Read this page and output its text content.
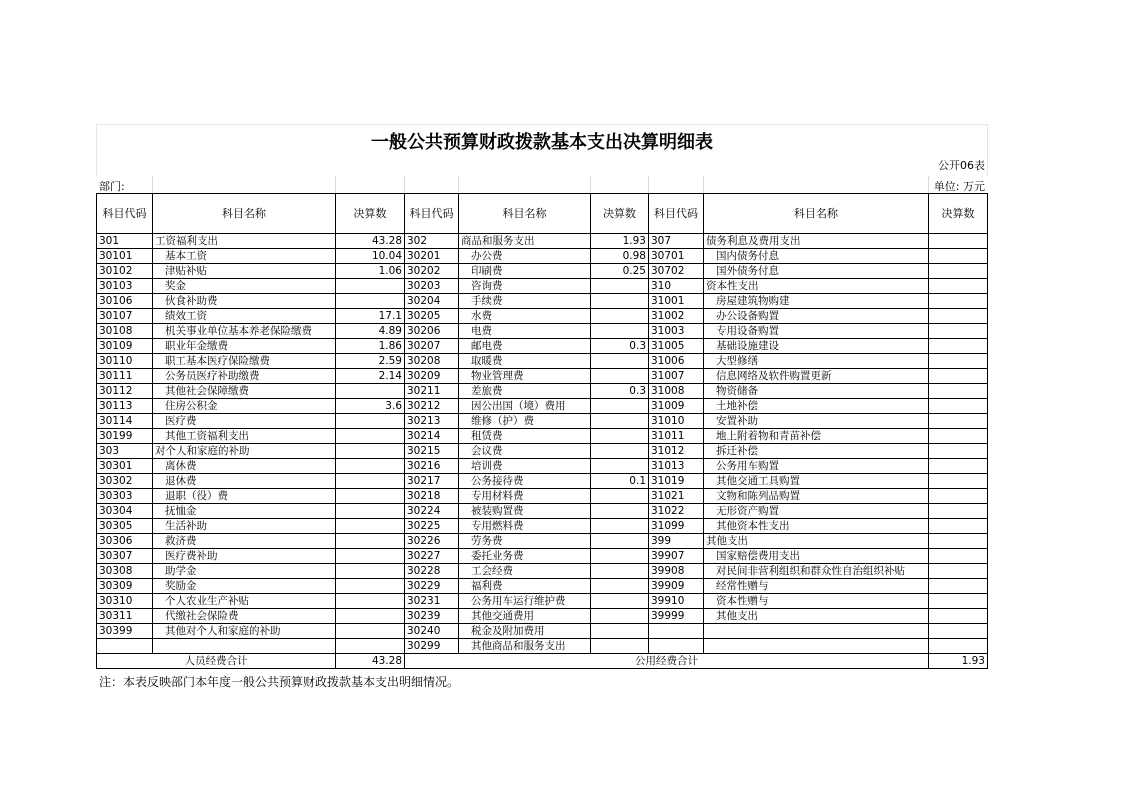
一般公共预算财政拨款基本支出决算明细表
公开06表
部门:	单位: 万元
科目代码	科目名称	决算数	科目代码	科目名称	决算数	科目代码	科目名称	决算数
301	工资福利支出	43.28	302	商品和服务支出	1.93	307	债务利息及费用支出	
30101	基本工资	10.04	30201	办公费	0.98	30701	国内债务付息	
30102	津贴补贴	1.06	30202	印刷费	0.25	30702	国外债务付息	
30103	奖金		30203	咨询费		310	资本性支出	
30106	伙食补助费		30204	手续费		31001	房屋建筑物购建	
30107	绩效工资	17.1	30205	水费		31002	办公设备购置	
30108	机关事业单位基本养老保险缴费	4.89	30206	电费		31003	专用设备购置	
30109	职业年金缴费	1.86	30207	邮电费	0.3	31005	基础设施建设	
30110	职工基本医疗保险缴费	2.59	30208	取暖费		31006	大型修缮	
30111	公务员医疗补助缴费	2.14	30209	物业管理费		31007	信息网络及软件购置更新	
30112	其他社会保障缴费		30211	差旅费	0.3	31008	物资储备	
30113	住房公积金	3.6	30212	因公出国（境）费用		31009	土地补偿	
30114	医疗费		30213	维修（护）费		31010	安置补助	
30199	其他工资福利支出		30214	租赁费		31011	地上附着物和青苗补偿	
303	对个人和家庭的补助		30215	会议费		31012	拆迁补偿	
30301	离休费		30216	培训费		31013	公务用车购置	
30302	退休费		30217	公务接待费	0.1	31019	其他交通工具购置	
30303	退职（役）费		30218	专用材料费		31021	文物和陈列品购置	
30304	抚恤金		30224	被装购置费		31022	无形资产购置	
30305	生活补助		30225	专用燃料费		31099	其他资本性支出	
30306	救济费		30226	劳务费		399	其他支出	
30307	医疗费补助		30227	委托业务费		39907	国家赔偿费用支出	
30308	助学金		30228	工会经费		39908	对民间非营利组织和群众性自治组织补贴	
30309	奖励金		30229	福利费		39909	经常性赠与	
30310	个人农业生产补贴		30231	公务用车运行维护费		39910	资本性赠与	
30311	代缴社会保险费		30239	其他交通费用		39999	其他支出	
30399	其他对个人和家庭的补助		30240	税金及附加费用				
			30299	其他商品和服务支出				
人员经费合计		43.28	公用经费合计					1.93
注：本表反映部门本年度一般公共预算财政拨款基本支出明细情况。
